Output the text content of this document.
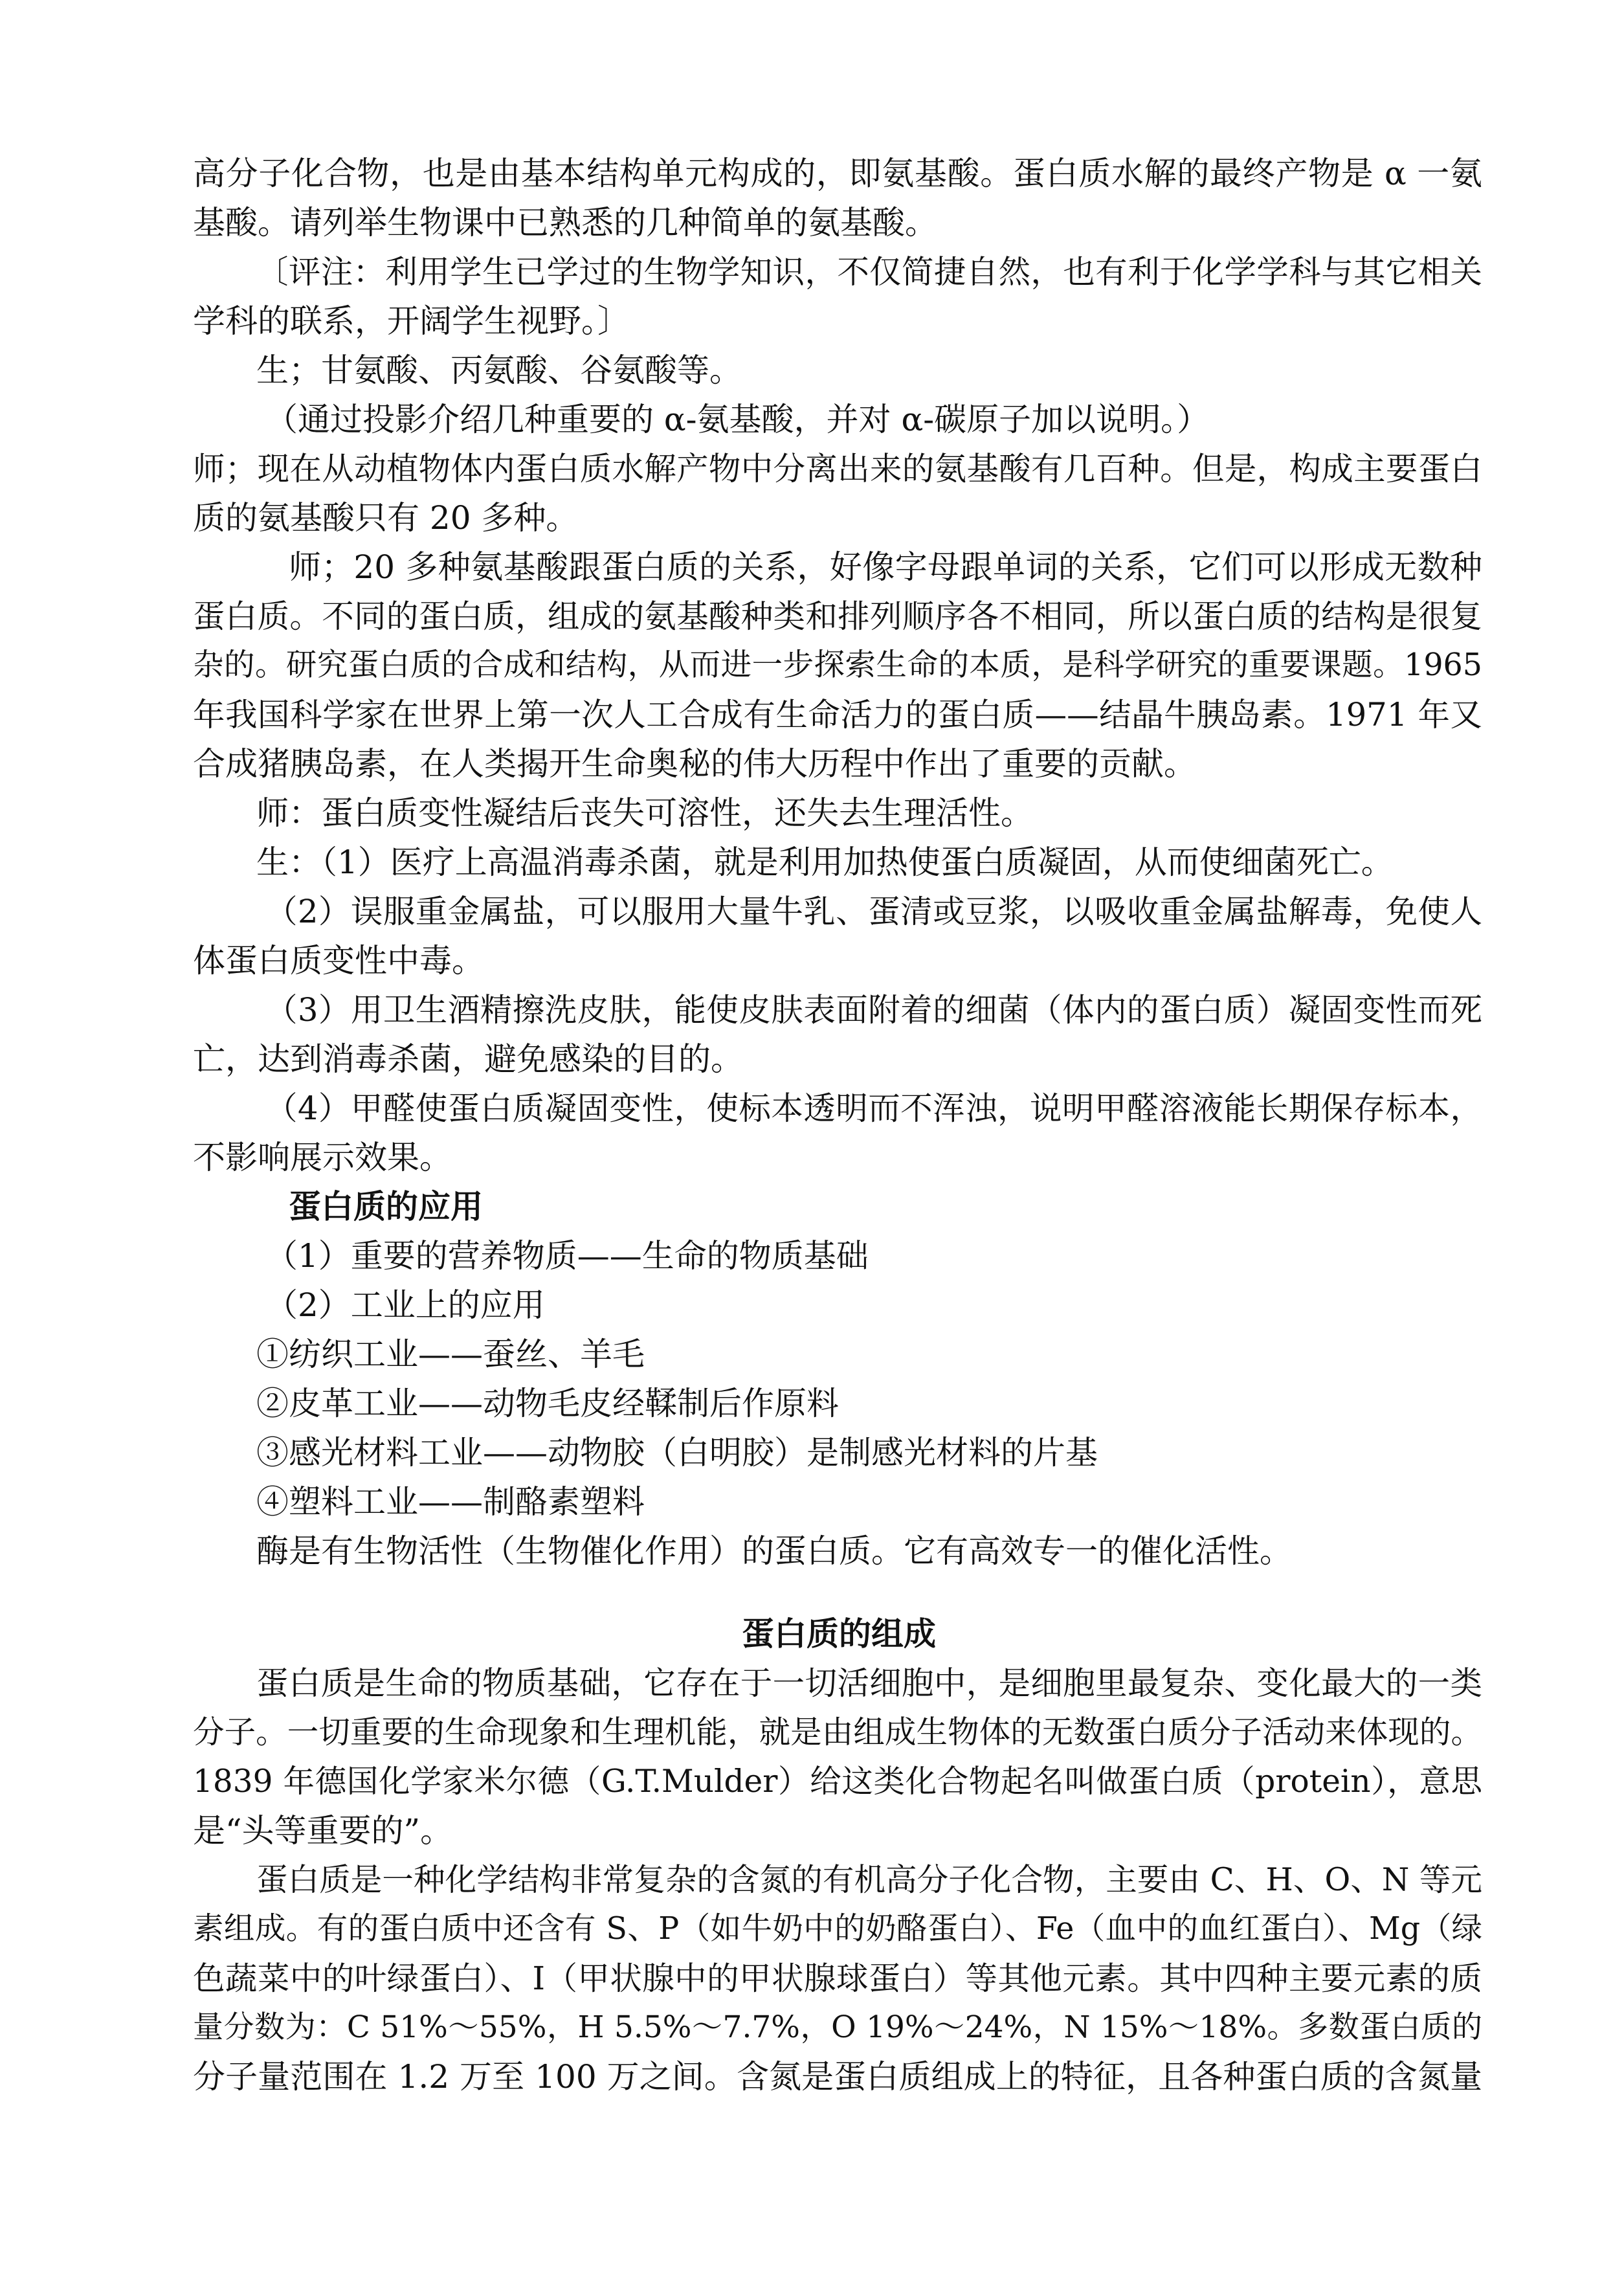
高分子化合物，也是由基本结构单元构成的，即氨基酸。蛋白质水解的最终产物是 α 一氨

基酸。请列举生物课中已熟悉的几种简单的氨基酸。

〔评注：利用学生已学过的生物学知识，不仅简捷自然，也有利于化学学科与其它相关

学科的联系，开阔学生视野。〕

生；甘氨酸、丙氨酸、谷氨酸等。

（通过投影介绍几种重要的 α-氨基酸，并对 α-碳原子加以说明。）

师；现在从动植物体内蛋白质水解产物中分离出来的氨基酸有几百种。但是，构成主要蛋白

质的氨基酸只有 20 多种。

师；20 多种氨基酸跟蛋白质的关系，好像字母跟单词的关系，它们可以形成无数种

蛋白质。不同的蛋白质，组成的氨基酸种类和排列顺序各不相同，所以蛋白质的结构是很复

杂的。研究蛋白质的合成和结构，从而进一步探索生命的本质，是科学研究的重要课题。1965

年我国科学家在世界上第一次人工合成有生命活力的蛋白质——结晶牛胰岛素。1971 年又

合成猪胰岛素，在人类揭开生命奥秘的伟大历程中作出了重要的贡献。

师：蛋白质变性凝结后丧失可溶性，还失去生理活性。

生：（1）医疗上高温消毒杀菌，就是利用加热使蛋白质凝固，从而使细菌死亡。

（2）误服重金属盐，可以服用大量牛乳、蛋清或豆浆，以吸收重金属盐解毒，免使人

体蛋白质变性中毒。

（3）用卫生酒精擦洗皮肤，能使皮肤表面附着的细菌（体内的蛋白质）凝固变性而死

亡，达到消毒杀菌，避免感染的目的。

（4）甲醛使蛋白质凝固变性，使标本透明而不浑浊，说明甲醛溶液能长期保存标本，

不影响展示效果。

蛋白质的应用

（1）重要的营养物质——生命的物质基础

（2）工业上的应用

①纺织工业——蚕丝、羊毛

②皮革工业——动物毛皮经鞣制后作原料

③感光材料工业——动物胶（白明胶）是制感光材料的片基

④塑料工业——制酪素塑料

酶是有生物活性（生物催化作用）的蛋白质。它有高效专一的催化活性。

蛋白质的组成

蛋白质是生命的物质基础，它存在于一切活细胞中，是细胞里最复杂、变化最大的一类

分子。一切重要的生命现象和生理机能，就是由组成生物体的无数蛋白质分子活动来体现的。

1839 年德国化学家米尔德（G.T.Mulder）给这类化合物起名叫做蛋白质（protein），意思

是“头等重要的”。

蛋白质是一种化学结构非常复杂的含氮的有机高分子化合物，主要由 C、H、O、N 等元

素组成。有的蛋白质中还含有 S、P（如牛奶中的奶酪蛋白）、Fe（血中的血红蛋白）、Mg（绿

色蔬菜中的叶绿蛋白）、I（甲状腺中的甲状腺球蛋白）等其他元素。其中四种主要元素的质

量分数为：C 51%～55%，H 5.5%～7.7%，O 19%～24%，N 15%～18%。多数蛋白质的

分子量范围在 1.2 万至 100 万之间。含氮是蛋白质组成上的特征，且各种蛋白质的含氮量
